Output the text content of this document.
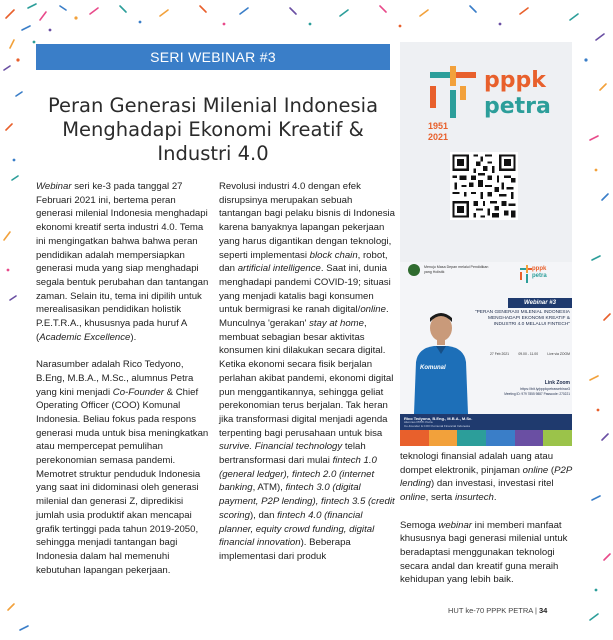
SERI WEBINAR #3
Peran Generasi Milenial Indonesia Menghadapi Ekonomi Kreatif & Industri 4.0

Webinar seri ke-3 pada tanggal 27 Februari 2021 ini, bertema peran generasi milenial Indonesia menghadapi ekonomi kreatif serta industri 4.0. Tema ini mengingatkan bahwa bahwa peran pendidikan adalah mempersiapkan generasi muda yang siap menghadapi segala bentuk perubahan dan tantangan zaman. Selain itu, tema ini dipilih untuk merealisasikan pendidikan holistik P.E.T.R.A., khususnya pada huruf A (Academic Excellence).

Narasumber adalah Rico Tedyono, B.Eng, M.B.A., M.Sc., alumnus Petra yang kini menjadi Co-Founder & Chief Operating Officer (COO) Komunal Indonesia. Beliau fokus pada respons generasi muda untuk bisa meningkatkan atau mempercepat pemulihan perekonomian semasa pandemi. Memotret struktur penduduk Indonesia yang saat ini didominasi oleh generasi milenial dan generasi Z, dipredikisi jumlah usia produktif akan mencapai grafik tertinggi pada tahun 2019-2050, sehingga menjadi tantangan bagi Indonesia dalam hal memenuhi kebutuhan lapangan pekerjaan.

Revolusi industri 4.0 dengan efek disrupsinya merupakan sebuah tantangan bagi pelaku bisnis di Indonesia karena banyaknya lapangan pekerjaan yang harus digantikan dengan teknologi, seperti implementasi block chain, robot, dan artificial intelligence. Saat ini, dunia menghadapi pandemi COVID-19; situasi yang menjadi katalis bagi konsumen untuk bermigrasi ke ranah digital/online. Munculnya 'gerakan' stay at home, membuat sebagian besar aktivitas konsumen kini dilakukan secara digital. Ketika ekonomi secara fisik berjalan perlahan akibat pandemi, ekonomi digital pun menggantikannya, sehingga geliat perekonomian terus berjalan. Tak heran jika transformasi digital menjadi agenda terpenting bagi perusahaan untuk bisa survive. Financial technology telah bertransformasi dari mulai fintech 1.0 (general ledger), fintech 2.0 (internet banking, ATM), fintech 3.0 (digital payment, P2P lending), fintech 3.5 (credit scoring), dan fintech 4.0 (financial planner, equity crowd funding, digital financial innovation). Beberapa implementasi dari produk

teknologi finansial adalah uang atau dompet elektronik, pinjaman online (P2P lending) dan investasi, investasi ritel online, serta insurtech.

Semoga webinar ini memberi manfaat khususnya bagi generasi milenial untuk beradaptasi menggunakan teknologi secara andal dan kreatif guna meraih kehidupan yang lebih baik.

1951
2021
pppk
petra
Menuju Masa Depan melalui Pendidikan yang Holistik	pppk
petra
Webinar #3
"PERAN GENERASI MILENIAL INDONESIA MENGHADAPI EKONOMI KREATIF & INDUSTRI 4.0 MELALUI FINTECH"
Komunal
27 Feb 2021	09.00 - 11.00	Live via ZOOM
Link Zoom
https://bit.ly/pppkpetrawebinar3
Meeting ID: 979 7855 9887 Passcode: 270221
Rico Tedyono, B.Eng., M.B.A., M.Sc.
Alumnus PPPK Petra
Co-Founder & COO Komunal Financial Indonesia
HUT ke-70 PPPK PETRA | 34
